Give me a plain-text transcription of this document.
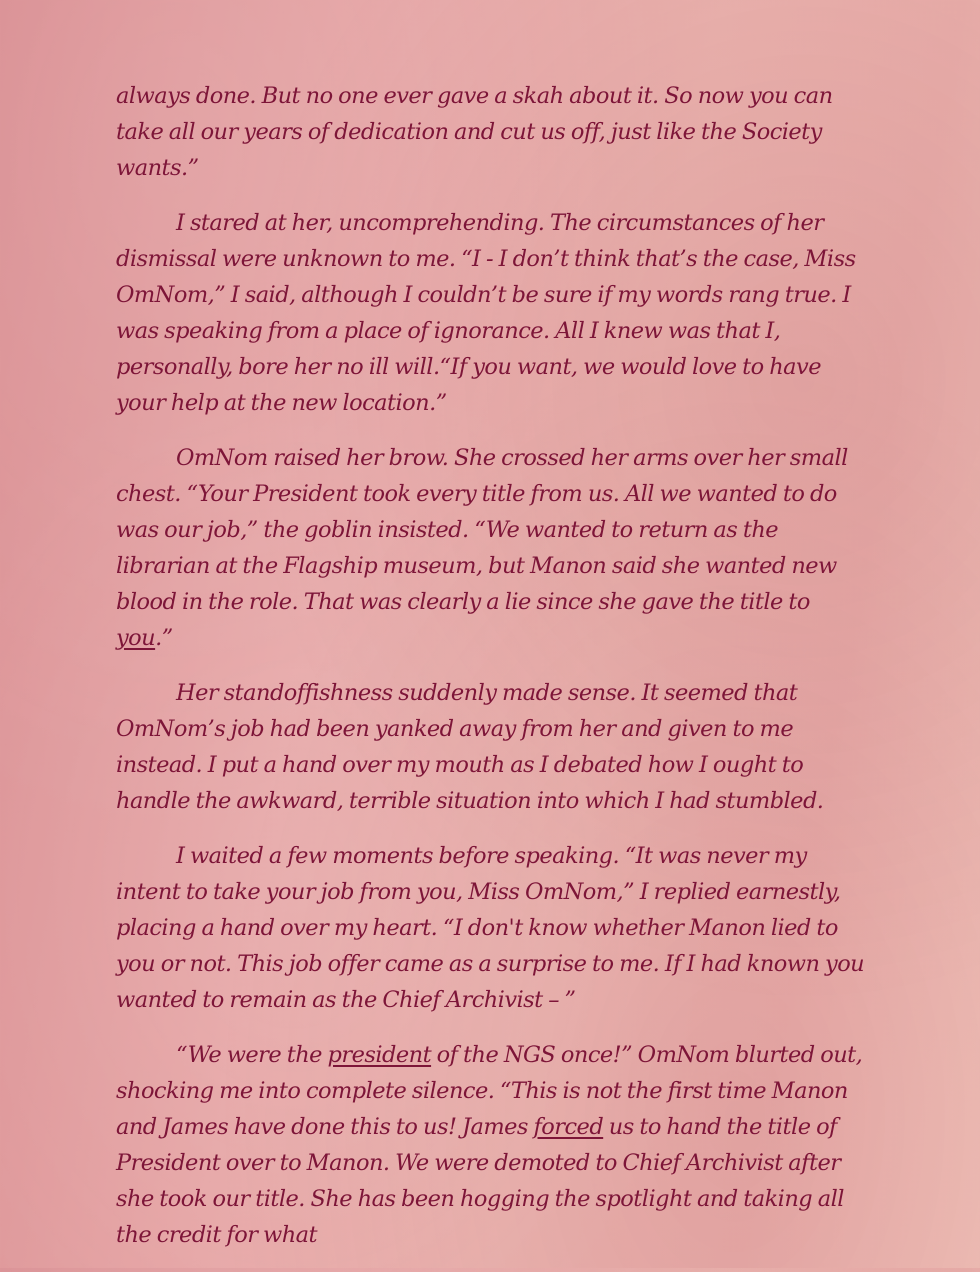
always done. But no one ever gave a skah about it. So now you can take all our years of dedication and cut us off, just like the Society wants.”

I stared at her, uncomprehending. The circumstances of her dismissal were unknown to me. “I - I don’t think that’s the case, Miss OmNom,” I said, although I couldn’t be sure if my words rang true. I was speaking from a place of ignorance. All I knew was that I, personally, bore her no ill will.“If you want, we would love to have your help at the new location.”

OmNom raised her brow. She crossed her arms over her small chest. “Your President took every title from us. All we wanted to do was our job,” the goblin insisted. “We wanted to return as the librarian at the Flagship museum, but Manon said she wanted new blood in the role. That was clearly a lie since she gave the title to you.”

Her standoffishness suddenly made sense. It seemed that OmNom’s job had been yanked away from her and given to me instead. I put a hand over my mouth as I debated how I ought to handle the awkward, terrible situation into which I had stumbled.

I waited a few moments before speaking. “It was never my intent to take your job from you, Miss OmNom,” I replied earnestly, placing a hand over my heart. “I don't know whether Manon lied to you or not. This job offer came as a surprise to me. If I had known you wanted to remain as the Chief Archivist – ”

“We were the president of the NGS once!” OmNom blurted out, shocking me into complete silence. “This is not the first time Manon and James have done this to us! James forced us to hand the title of President over to Manon. We were demoted to Chief Archivist after she took our title. She has been hogging the spotlight and taking all the credit for what
